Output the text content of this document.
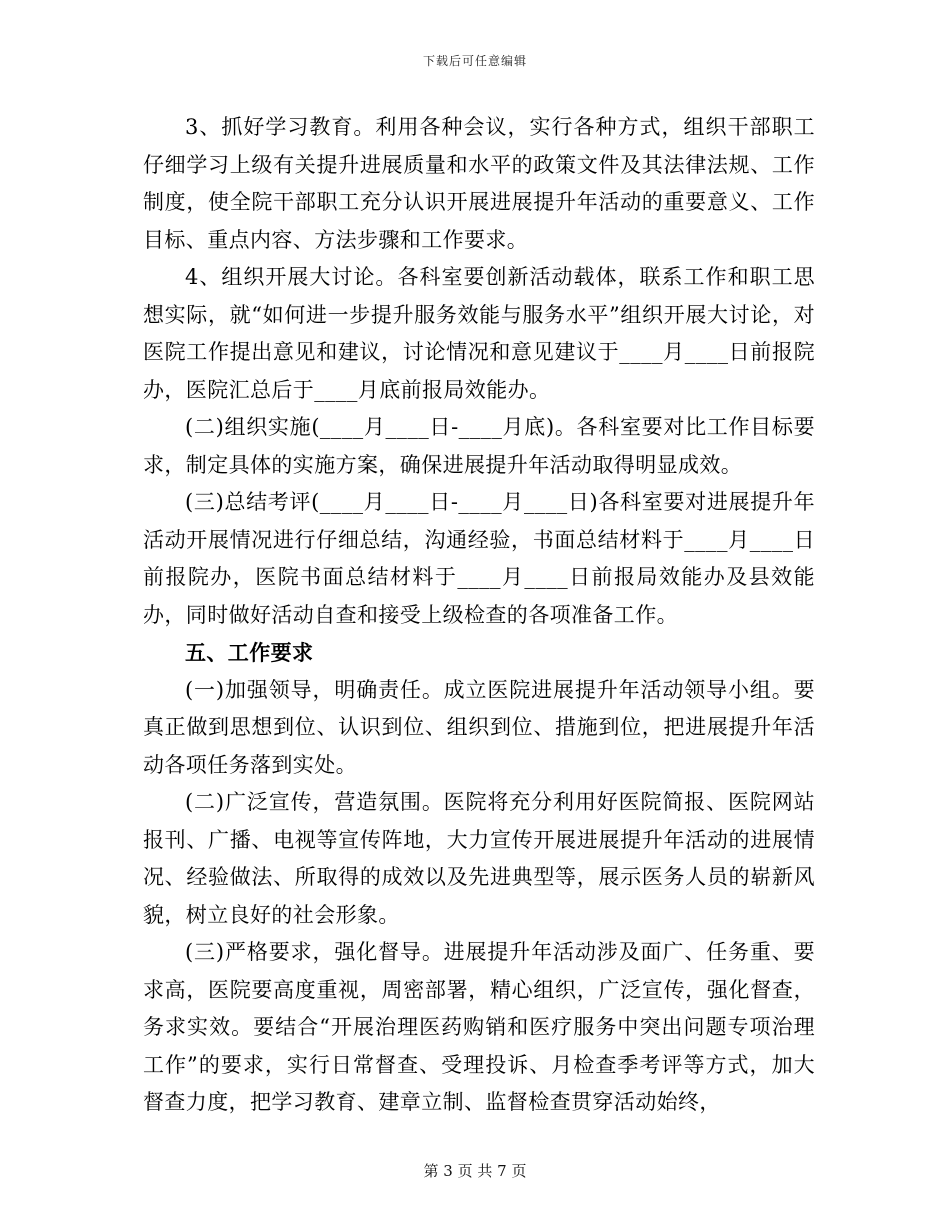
下载后可任意编辑

3、抓好学习教育。利用各种会议，实行各种方式，组织干部职工仔细学习上级有关提升进展质量和水平的政策文件及其法律法规、工作制度，使全院干部职工充分认识开展进展提升年活动的重要意义、工作目标、重点内容、方法步骤和工作要求。

4、组织开展大讨论。各科室要创新活动载体，联系工作和职工思想实际，就“如何进一步提升服务效能与服务水平”组织开展大讨论，对医院工作提出意见和建议，讨论情况和意见建议于____月____日前报院办，医院汇总后于____月底前报局效能办。

(二)组织实施(____月____日-____月底)。各科室要对比工作目标要求，制定具体的实施方案，确保进展提升年活动取得明显成效。

(三)总结考评(____月____日-____月____日)各科室要对进展提升年活动开展情况进行仔细总结，沟通经验，书面总结材料于____月____日前报院办，医院书面总结材料于____月____日前报局效能办及县效能办，同时做好活动自查和接受上级检查的各项准备工作。

五、工作要求

(一)加强领导，明确责任。成立医院进展提升年活动领导小组。要真正做到思想到位、认识到位、组织到位、措施到位，把进展提升年活动各项任务落到实处。

(二)广泛宣传，营造氛围。医院将充分利用好医院简报、医院网站报刊、广播、电视等宣传阵地，大力宣传开展进展提升年活动的进展情况、经验做法、所取得的成效以及先进典型等，展示医务人员的崭新风貌，树立良好的社会形象。

(三)严格要求，强化督导。进展提升年活动涉及面广、任务重、要求高，医院要高度重视，周密部署，精心组织，广泛宣传，强化督查，务求实效。要结合“开展治理医药购销和医疗服务中突出问题专项治理工作”的要求，实行日常督查、受理投诉、月检查季考评等方式，加大督查力度，把学习教育、建章立制、监督检查贯穿活动始终，

第 3 页 共 7 页
